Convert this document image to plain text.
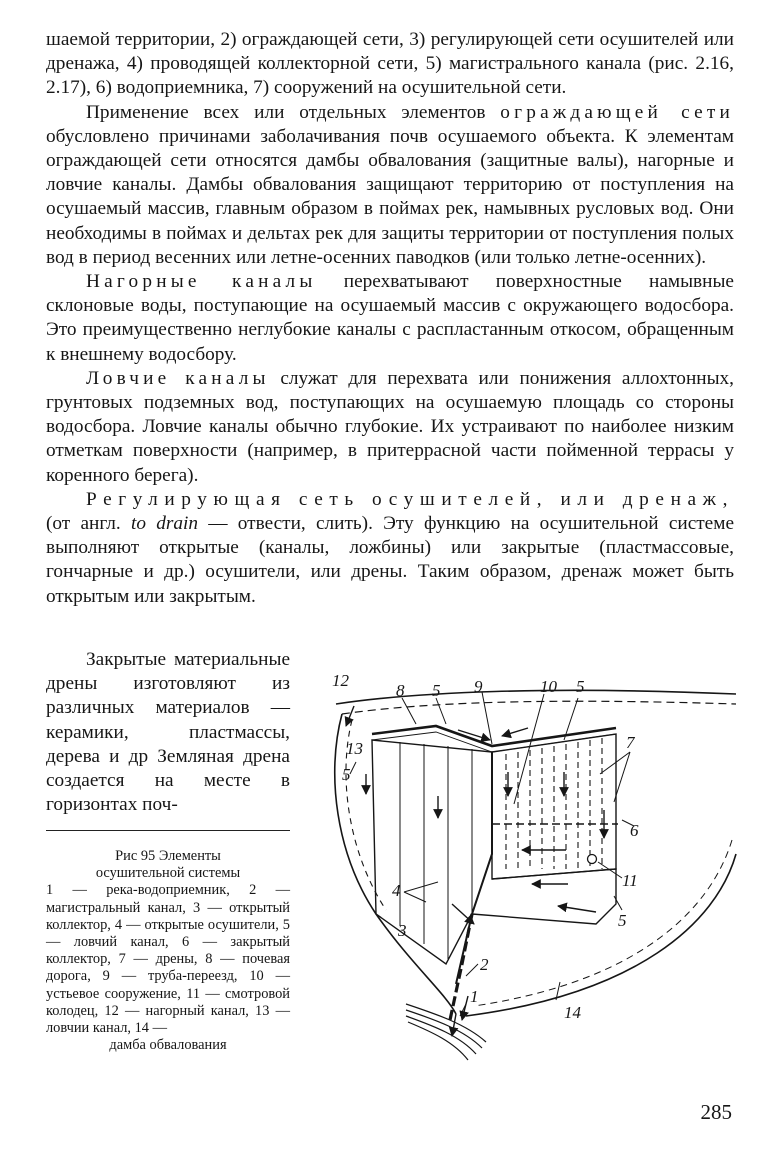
шаемой территории, 2) ограждающей сети, 3) регулирующей сети осушителей или дренажа, 4) проводящей коллекторной сети, 5) магистрального канала (рис. 2.16, 2.17), 6) водоприемника, 7) сооружений на осушительной сети.

Применение всех или отдельных элементов ограждающей сети обусловлено причинами заболачивания почв осушаемого объекта. К элементам ограждающей сети относятся дамбы обвалования (защитные валы), нагорные и ловчие каналы. Дамбы обвалования защищают территорию от поступления на осушаемый массив, главным образом в поймах рек, намывных русловых вод. Они необходимы в поймах и дельтах рек для защиты территории от поступления полых вод в период весенних или летне-осенних паводков (или только летне-осенних).

Нагорные каналы перехватывают поверхностные намывные склоновые воды, поступающие на осушаемый массив с окружающего водосбора. Это преимущественно неглубокие каналы с распластанным откосом, обращенным к внешнему водосбору.

Ловчие каналы служат для перехвата или понижения аллохтонных, грунтовых подземных вод, поступающих на осушаемую площадь со стороны водосбора. Ловчие каналы обычно глубокие. Их устраивают по наиболее низким отметкам поверхности (например, в притеррасной части пойменной террасы у коренного берега).

Регулирующая сеть осушителей, или дренаж, (от англ. to drain — отвести, слить). Эту функцию на осушительной системе выполняют открытые (каналы, ложбины) или закрытые (пластмассовые, гончарные и др.) осушители, или дрены. Таким образом, дренаж может быть открытым или закрытым.

Закрытые материальные дрены изготовляют из различных материалов — керамики, пластмассы, дерева и др Земляная дрена создается на месте в горизонтах поч-

Рис 95 Элементы
осушительной системы
1 — река-водоприемник, 2 — магистральный канал, 3 — открытый коллектор, 4 — открытые осушители, 5 — ловчий канал, 6 — закрытый коллектор, 7 — дрены, 8 — почевая дорога, 9 — труба-переезд, 10 — устьевое сооружение, 11 — смотровой колодец, 12 — нагорный канал, 13 — ловчии канал, 14 —
дамба обвалования
12
8 5 9	10 5
13
5
7
6
11
4
3
5
2
1
14
285
